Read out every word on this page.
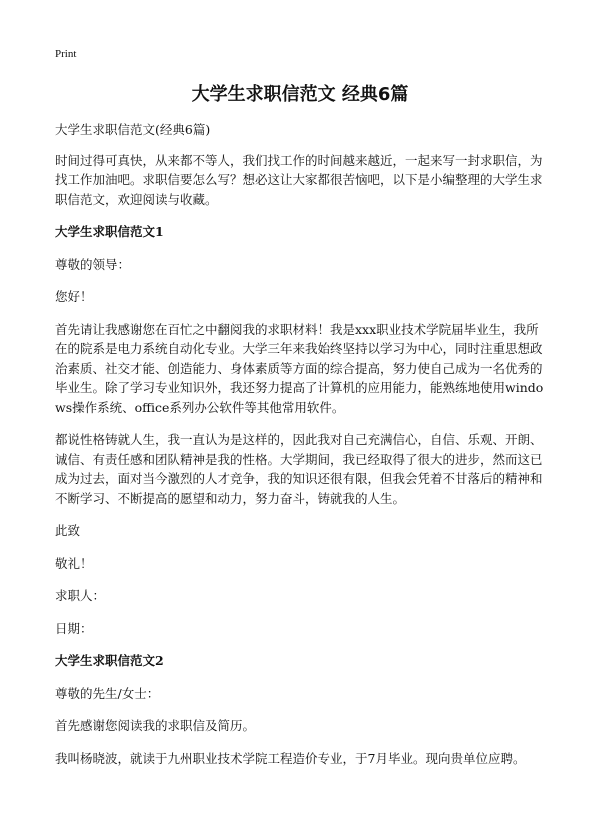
Print
大学生求职信范文 经典6篇

大学生求职信范文(经典6篇)

时间过得可真快，从来都不等人，我们找工作的时间越来越近，一起来写一封求职信，为找工作加油吧。求职信要怎么写？想必这让大家都很苦恼吧，以下是小编整理的大学生求职信范文，欢迎阅读与收藏。

大学生求职信范文1

尊敬的领导：

您好！

首先请让我感谢您在百忙之中翻阅我的求职材料！我是xxx职业技术学院届毕业生，我所在的院系是电力系统自动化专业。大学三年来我始终坚持以学习为中心，同时注重思想政治素质、社交才能、创造能力、身体素质等方面的综合提高，努力使自己成为一名优秀的毕业生。除了学习专业知识外，我还努力提高了计算机的应用能力，能熟练地使用windows操作系统、office系列办公软件等其他常用软件。

都说性格铸就人生，我一直认为是这样的，因此我对自己充满信心，自信、乐观、开朗、诚信、有责任感和团队精神是我的性格。大学期间，我已经取得了很大的进步，然而这已成为过去，面对当今激烈的人才竞争，我的知识还很有限，但我会凭着不甘落后的精神和不断学习、不断提高的愿望和动力，努力奋斗，铸就我的人生。

此致

敬礼！

求职人：

日期：

大学生求职信范文2

尊敬的先生/女士：

首先感谢您阅读我的求职信及简历。

我叫杨晓波，就读于九州职业技术学院工程造价专业，于7月毕业。现向贵单位应聘。
